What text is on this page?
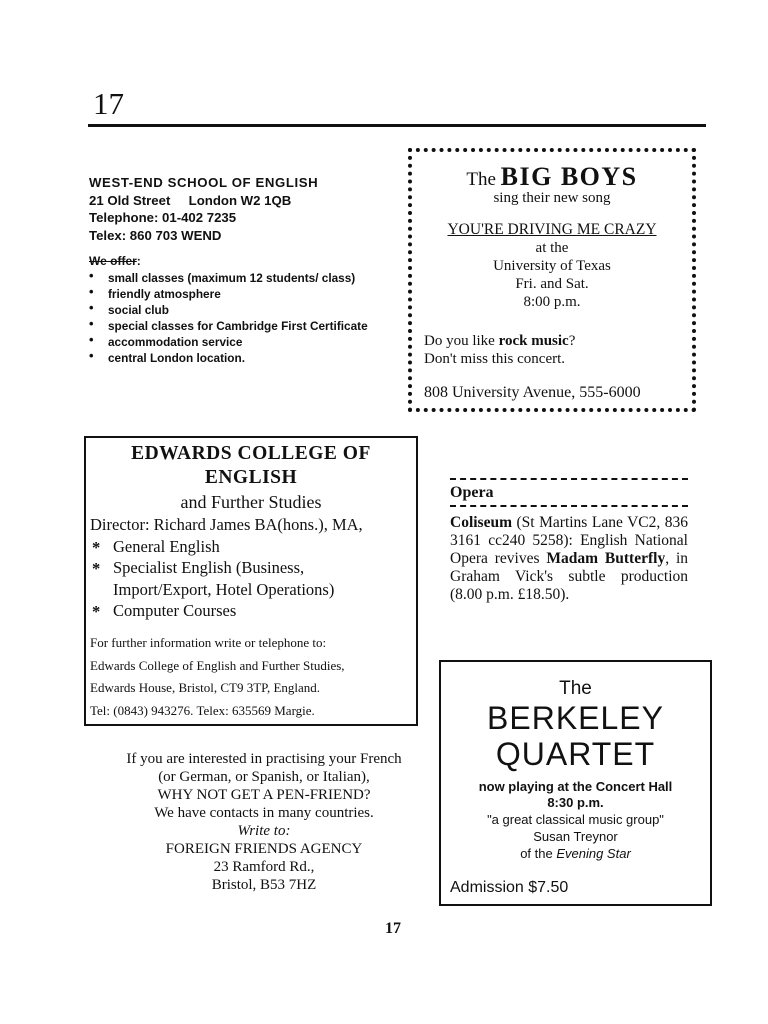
17
WEST-END SCHOOL OF ENGLISH
21 Old Street     London W2 1QB
Telephone: 01-402 7235
Telex: 860 703 WEND
We offer:
• small classes (maximum 12 students/ class)
• friendly atmosphere
• social club
• special classes for Cambridge First Certificate
• accommodation service
• central London location.
The BIG BOYS
sing their new song
YOU'RE DRIVING ME CRAZY
at the
University of Texas
Fri. and Sat.
8:00 p.m.
Do you like rock music?
Don't miss this concert.
808 University Avenue, 555-6000
EDWARDS COLLEGE OF
ENGLISH
and Further Studies
Director: Richard James BA(hons.), MA,
* General English
* Specialist English (Business, Import/Export, Hotel Operations)
* Computer Courses
For further information write or telephone to:
Edwards College of English and Further Studies,
Edwards House, Bristol, CT9 3TP, England.
Tel: (0843) 943276. Telex: 635569 Margie.
Opera
Coliseum (St Martins Lane VC2, 836 3161 cc240 5258): English National Opera revives Madam Butterfly, in Graham Vick's subtle production (8.00 p.m. £18.50).
If you are interested in practising your French
(or German, or Spanish, or Italian),
WHY NOT GET A PEN-FRIEND?
We have contacts in many countries.
Write to:
FOREIGN FRIENDS AGENCY
23 Ramford Rd.,
Bristol, B53 7HZ
The
BERKELEY
QUARTET
now playing at the Concert Hall
8:30 p.m.
"a great classical music group"
Susan Treynor
of the Evening Star
Admission $7.50
17
